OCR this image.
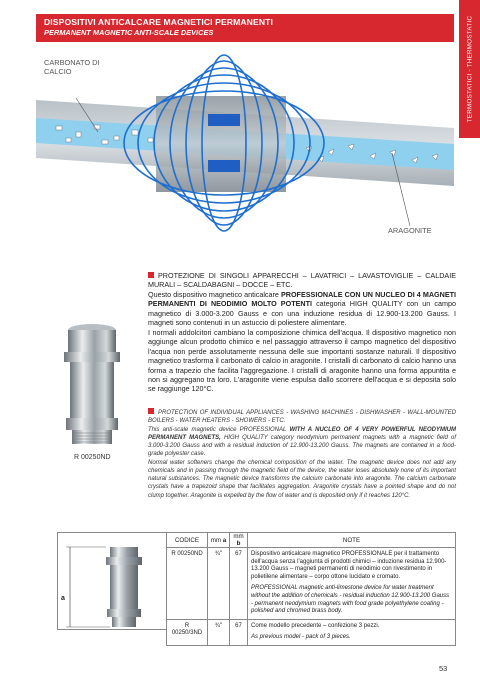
DISPOSITIVI ANTICALCARE MAGNETICI PERMANENTI
PERMANENT MAGNETIC ANTI-SCALE DEVICES	TERMOSTATICI - THERMOSTATIC
CARBONATO DI CALCIO
ARAGONITE
R 00250ND
PROTEZIONE DI SINGOLI APPARECCHI – LAVATRICI – LAVASTOVIGLIE – CALDAIE MURALI – SCALDABAGNI – DOCCE – ETC.
Questo dispositivo magnetico anticalcare PROFESSIONALE CON UN NUCLEO DI 4 MAGNETI PERMANENTI DI NEODIMIO MOLTO POTENTI categoria HIGH QUALITY con un campo magnetico di 3.000-3.200 Gauss e con una induzione residua di 12.900-13.200 Gauss. I magneti sono contenuti in un astuccio di poliestere alimentare.
I normali addolcitori cambiano la composizione chimica dell'acqua. Il dispositivo magnetico non aggiunge alcun prodotto chimico e nel passaggio attraverso il campo magnetico del dispositivo l'acqua non perde assolutamente nessuna delle sue importanti sostanze naturali. Il dispositivo magnetico trasforma il carbonato di calcio in aragonite. I cristalli di carbonato di calcio hanno una forma a trapezio che facilita l'aggregazione. I cristalli di aragonite hanno una forma appuntita e non si aggregano tra loro. L'aragonite viene espulsa dallo scorrere dell'acqua e si deposita solo se raggiunge 120°C.
PROTECTION OF INDIVIDUAL APPLIANCES - WASHING MACHINES - DISHWASHER - WALL-MOUNTED BOILERS - WATER HEATERS - SHOWERS - ETC.
This anti-scale magnetic device PROFESSIONAL WITH A NUCLEO OF 4 VERY POWERFUL NEODYMIUM PERMANENT MAGNETS, HIGH QUALITY category neodymium permanent magnets with a magnetic field of 3.000-3.200 Gauss and with a residual induction of 12.900-13.200 Gauss. The magnets are contained in a food-grade polyester case.
Normal water softeners change the chemical composition of the water. The magnetic device does not add any chemicals and in passing through the magnetic field of the device, the water loses absolutely none of its important natural substances. The magnetic device transforms the calcium carbonate into aragonite. The calcium carbonate crystals have a trapezoid shape that facilitates aggregation. Aragonite crystals have a pointed shape and do not clump together. Aragonite is expelled by the flow of water and is deposited only if it reaches 120°C.
a
CODICE	mm a	mm b	NOTE
R 00250ND	¾"	67	Dispositivo anticalcare magnetico PROFESSIONALE per il trattamento dell'acqua senza l'aggiunta di prodotti chimici – induzione residua 12.900-13.200 Gauss – magneti permanenti di neodimio con rivestimento in polietilene alimentare – corpo ottone lucidato e cromato.
PROFESSIONAL magnetic anti-limestone device for water treatment without the addition of chemicals - residual induction 12.900-13.200 Gauss - permanent neodymium magnets with food grade polyethylene coating - polished and chromed brass body.

R 00250/3ND	¾"	67	Come modello precedente – confezione 3 pezzi.
As previous model - pack of 3 pieces.
53
